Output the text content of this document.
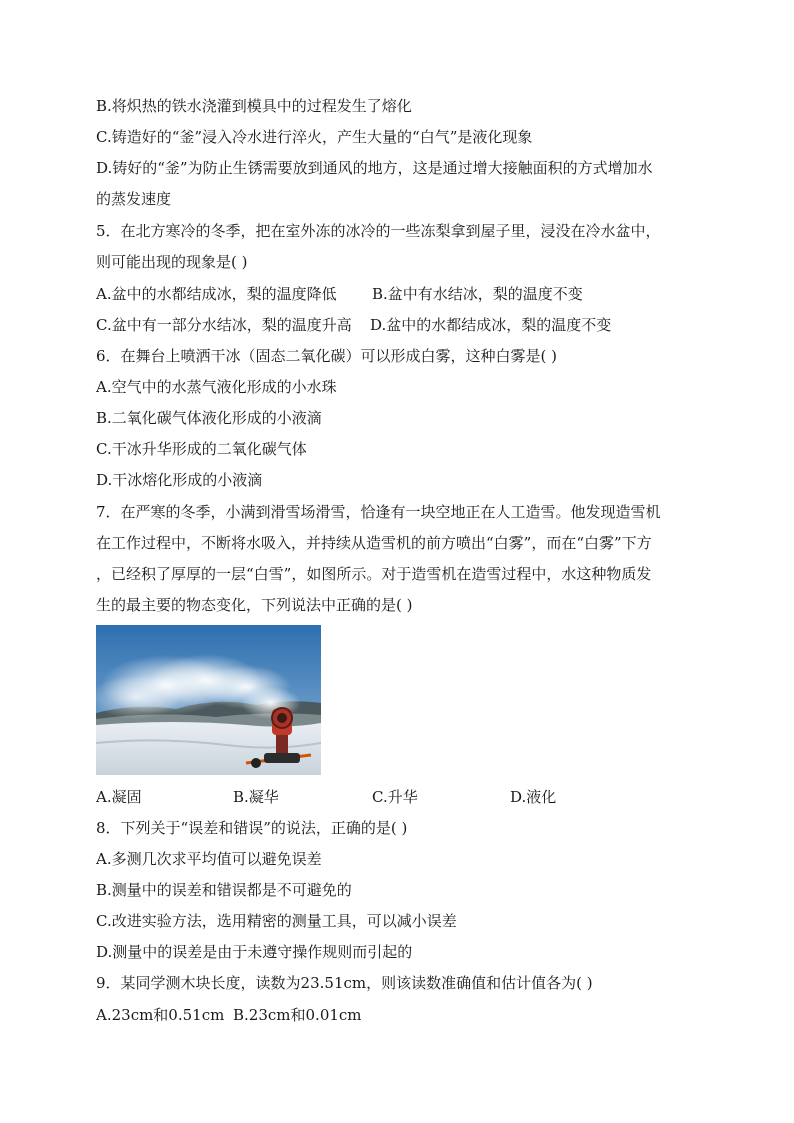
B.将炽热的铁水浇灌到模具中的过程发生了熔化
C.铸造好的“釜”浸入冷水进行淬火，产生大量的“白气”是液化现象
D.铸好的“釜”为防止生锈需要放到通风的地方，这是通过增大接触面积的方式增加水
的蒸发速度
5．在北方寒冷的冬季，把在室外冻的冰冷的一些冻梨拿到屋子里，浸没在冷水盆中，
则可能出现的现象是( )
A.盆中的水都结成冰，梨的温度降低 B.盆中有水结冰，梨的温度不变
C.盆中有一部分水结冰，梨的温度升高 D.盆中的水都结成冰，梨的温度不变
6．在舞台上喷洒干冰（固态二氧化碳）可以形成白雾，这种白雾是( )
A.空气中的水蒸气液化形成的小水珠
B.二氧化碳气体液化形成的小液滴
C.干冰升华形成的二氧化碳气体
D.干冰熔化形成的小液滴
7．在严寒的冬季，小满到滑雪场滑雪，恰逢有一块空地正在人工造雪。他发现造雪机
在工作过程中，不断将水吸入，并持续从造雪机的前方喷出“白雾”，而在“白雾”下方
，已经积了厚厚的一层“白雪”，如图所示。对于造雪机在造雪过程中，水这种物质发
生的最主要的物态变化，下列说法中正确的是( )
A.凝固	B.凝华	C.升华	D.液化
8．下列关于“误差和错误”的说法，正确的是( )
A.多测几次求平均值可以避免误差
B.测量中的误差和错误都是不可避免的
C.改进实验方法，选用精密的测量工具，可以减小误差
D.测量中的误差是由于未遵守操作规则而引起的
9．某同学测木块长度，读数为23.51cm，则该读数准确值和估计值各为( )
A.23cm和0.51cm B.23cm和0.01cm
